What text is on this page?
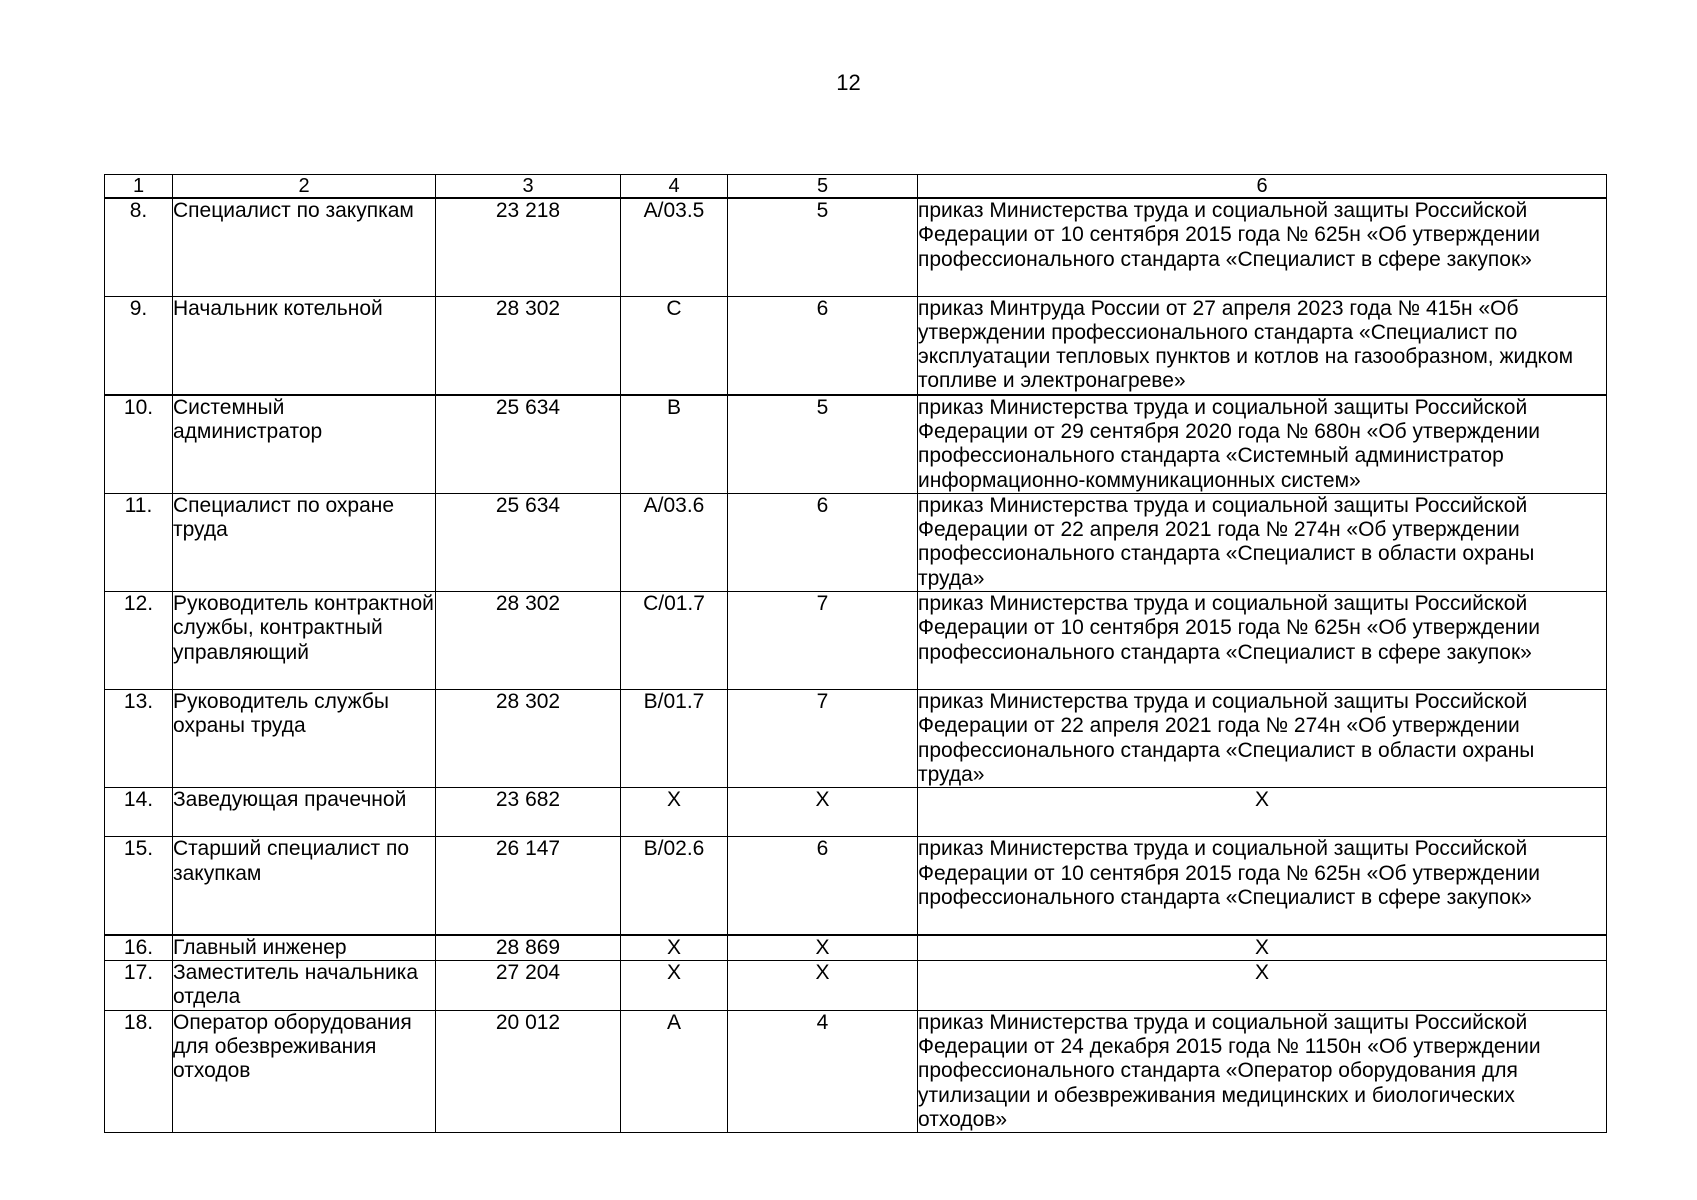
12
1	2	3	4	5	6
8.	Специалист по закупкам	23 218	А/03.5	5	приказ Министерства труда и социальной защиты Российской Федерации от 10 сентября 2015 года № 625н «Об утверждении профессионального стандарта «Специалист в сфере закупок»
9.	Начальник котельной	28 302	С	6	приказ Минтруда России от 27 апреля 2023 года № 415н «Об утверждении профессионального стандарта «Специалист по эксплуатации тепловых пунктов и котлов на газообразном, жидком топливе и электронагреве»
10.	Системный администратор	25 634	В	5	приказ Министерства труда и социальной защиты Российской Федерации от 29 сентября 2020 года № 680н «Об утверждении профессионального стандарта «Системный администратор информационно-коммуникационных систем»
11.	Специалист по охране труда	25 634	А/03.6	6	приказ Министерства труда и социальной защиты Российской Федерации от 22 апреля 2021 года № 274н «Об утверждении профессионального стандарта «Специалист в области охраны труда»
12.	Руководитель контрактной службы, контрактный управляющий	28 302	С/01.7	7	приказ Министерства труда и социальной защиты Российской Федерации от 10 сентября 2015 года № 625н «Об утверждении профессионального стандарта «Специалист в сфере закупок»
13.	Руководитель службы охраны труда	28 302	В/01.7	7	приказ Министерства труда и социальной защиты Российской Федерации от 22 апреля 2021 года № 274н «Об утверждении профессионального стандарта «Специалист в области охраны труда»
14.	Заведующая прачечной	23 682	Х	Х	Х
15.	Старший специалист по закупкам	26 147	В/02.6	6	приказ Министерства труда и социальной защиты Российской Федерации от 10 сентября 2015 года № 625н «Об утверждении профессионального стандарта «Специалист в сфере закупок»
16.	Главный инженер	28 869	Х	Х	Х
17.	Заместитель начальника отдела	27 204	Х	Х	Х
18.	Оператор оборудования для обезвреживания отходов	20 012	А	4	приказ Министерства труда и социальной защиты Российской Федерации от 24 декабря 2015 года № 1150н «Об утверждении профессионального стандарта «Оператор оборудования для утилизации и обезвреживания медицинских и биологических отходов»
